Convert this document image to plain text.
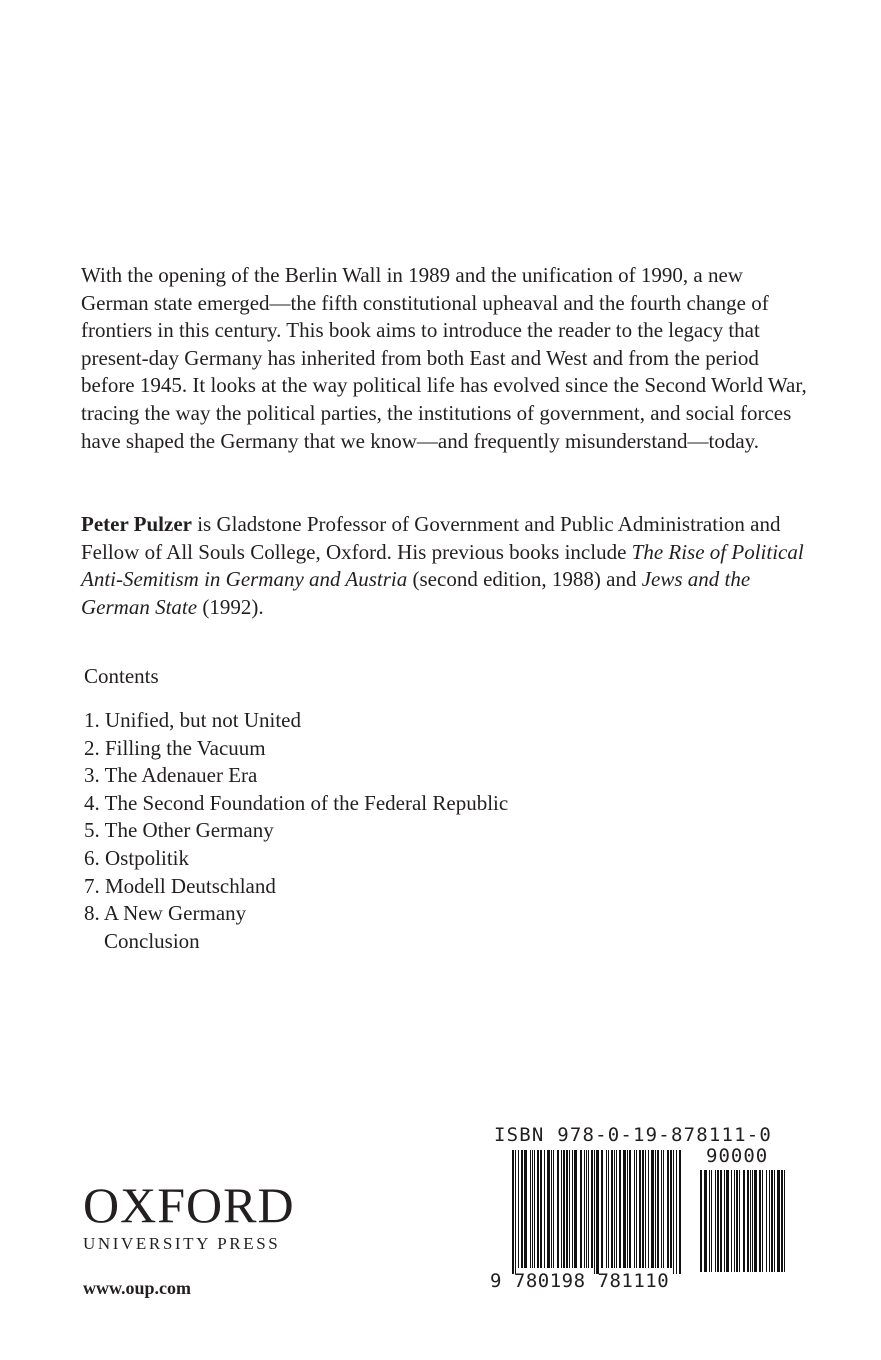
With the opening of the Berlin Wall in 1989 and the unification of 1990, a new German state emerged—the fifth constitutional upheaval and the fourth change of frontiers in this century. This book aims to introduce the reader to the legacy that present-day Germany has inherited from both East and West and from the period before 1945. It looks at the way political life has evolved since the Second World War, tracing the way the political parties, the institutions of government, and social forces have shaped the Germany that we know—and frequently misunderstand—today.

Peter Pulzer is Gladstone Professor of Government and Public Administration and Fellow of All Souls College, Oxford. His previous books include The Rise of Political Anti-Semitism in Germany and Austria (second edition, 1988) and Jews and the German State (1992).

Contents
1. Unified, but not United
2. Filling the Vacuum
3. The Adenauer Era
4. The Second Foundation of the Federal Republic
5. The Other Germany
6. Ostpolitik
7. Modell Deutschland
8. A New Germany
Conclusion
OXFORD
UNIVERSITY PRESS
www.oup.com
ISBN 978-0-19-878111-0
90000
9 780198 781110
